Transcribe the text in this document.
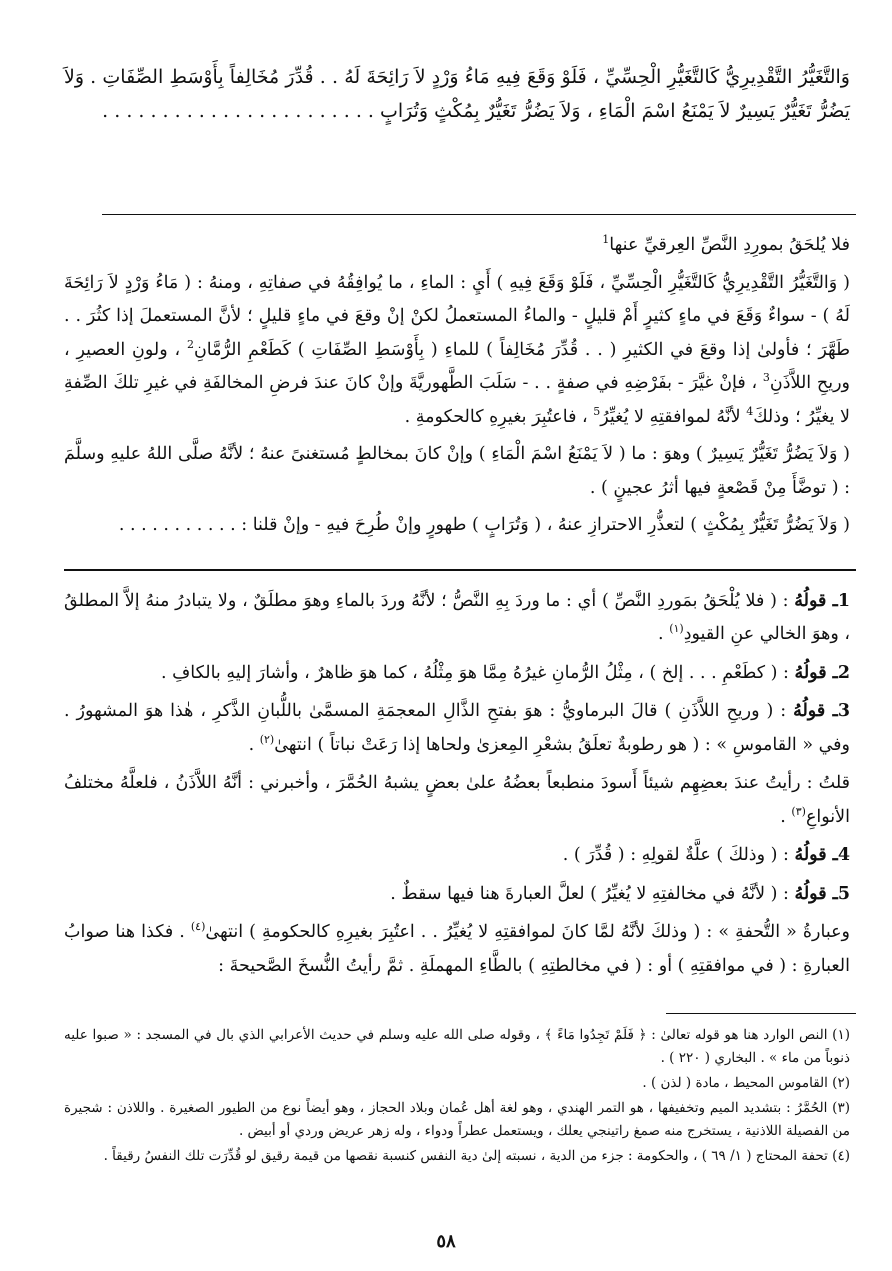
وَالتَّغَيُّرُ التَّقْدِيرِيُّ كَالتَّغَيُّرِ الْحِسِّيِّ ، فَلَوْ وَقَعَ فِيهِ مَاءُ وَرْدٍ لاَ رَائِحَةَ لَهُ . . قُدِّرَ مُخَالِفاً بِأَوْسَطِ الصِّفَاتِ . وَلاَ يَضُرُّ تَغَيُّرٌ يَسِيرٌ لاَ يَمْنَعُ اسْمَ الْمَاءِ ، وَلاَ يَضُرُّ تَغَيُّرٌ بِمُكْثٍ وَتُرَابٍ . . . . . . . . . . . . . . . . . . . . . . .

فلا يُلحَقُ بمورِدِ النَّصِّ العِرقيِّ عنها$^1$

( وَالتَّغَيُّرُ التَّقْدِيرِيُّ كَالتَّغَيُّرِ الْحِسِّيِّ ، فَلَوْ وَقَعَ فِيهِ ) أَيِ : الماءِ ، ما يُوافِقُهُ في صفاتِهِ ، ومنهُ : ( مَاءُ وَرْدٍ لاَ رَائِحَةَ لَهُ ) - سواءٌ وَقَعَ في ماءٍ كثيرٍ أَمْ قليلٍ - والماءُ المستعملُ لكنْ إنْ وقعَ في ماءٍ قليلٍ ؛ لأنَّ المستعملَ إذا كثُرَ . . طَهَّرَ ؛ فأولىٰ إذا وقعَ في الكثيرِ ( . . قُدِّرَ مُخَالِفاً ) للماءِ ( بِأَوْسَطِ الصِّفَاتِ ) كَطَعْمِ الرُّمَّانِ$^2$ ، ولونِ العصيرِ ، وريحِ اللاَّذَنِ$^3$ ، فإنْ غيَّرَ - بفَرْضِهِ في صفةٍ . . - سَلَبَ الطَّهوريَّةَ وإنْ كانَ عندَ فرضِ المخالفَةِ في غيرِ تلكَ الصِّفةِ لا يغيِّرُ ؛ وذلكَ$^4$ لأنَّهُ لموافقتِهِ لا يُغيِّرُ$^5$ ، فاعتُبِرَ بغيرِهِ كالحكومةِ .

( وَلاَ يَضُرُّ تَغَيُّرٌ يَسِيرٌ ) وهوَ : ما ( لاَ يَمْنَعُ اسْمَ الْمَاءِ ) وإنْ كانَ بمخالطٍ مُستغنىً عنهُ ؛ لأنَّهُ صلَّى اللهُ عليهِ وسلَّمَ : ( توضَّأَ مِنْ قَصْعةٍ فيها أثرُ عجينٍ ) .

( وَلاَ يَضُرُّ تَغَيُّرٌ بِمُكْثٍ ) لتعذُّرِ الاحترازِ عنهُ ، ( وَتُرَابٍ ) طهورٍ وإنْ طُرِحَ فيهِ - وإنْ قلنا : . . . . . . . . . . .

1ـ قولُهُ : ( فلا يُلْحَقُ بمَوردِ النَّصِّ ) أي : ما وردَ بِهِ النَّصُّ ؛ لأنَّهُ وردَ بالماءِ وهوَ مطلَقٌ ، ولا يتبادرُ منهُ إلاَّ المطلقُ ، وهوَ الخالي عنِ القيودِ$^{(١)}$ .

2ـ قولُهُ : ( كطَعْمِ . . . إلخ ) ، مِثْلُ الرُّمانِ غيرُهُ مِمَّا هوَ مِثْلُهُ ، كما هوَ ظاهرٌ ، وأشارَ إليهِ بالكافِ .

3ـ قولُهُ : ( وريحِ اللاَّذَنِ ) قالَ البرماويُّ : هوَ بفتحِ الذَّالِ المعجمَةِ المسمَّىٰ باللُّبانِ الذَّكرِ ، هٰذا هوَ المشهورُ . وفي « القاموسِ » : ( هو رطوبةٌ تعلَقُ بشعْرِ المِعزىٰ ولحاها إذا رَعَتْ نباتاً ) انتهىٰ$^{(٢)}$ .

قلتُ : رأيتُ عندَ بعضِهِم شيئاً أَسودَ منطبعاً بعضُهُ علىٰ بعضٍ يشبهُ الحُمَّرَ ، وأخبرني : أنَّهُ اللاَّذَنُ ، فلعلَّهُ مختلفُ الأنواعِ$^{(٣)}$ .

4ـ قولُهُ : ( وذلكَ ) علَّةٌ لقولِهِ : ( قُدِّرَ ) .

5ـ قولُهُ : ( لأنَّهُ في مخالفتِهِ لا يُغيِّرُ ) لعلَّ العبارةَ هنا فيها سقطٌ .

وعبارةُ « التُّحفةِ » : ( وذلكَ لأنَّهُ لمَّا كانَ لموافقتِهِ لا يُغيِّرُ . . اعتُبِرَ بغيرِهِ كالحكومةِ ) انتهىٰ$^{(٤)}$ . فكذا هنا صوابُ العبارةِ : ( في موافقتِهِ ) أو : ( في مخالطتِهِ ) بالطَّاءِ المهملَةِ . ثمَّ رأيتُ النُّسخَ الصَّحيحةَ :

(١) النص الوارد هنا هو قوله تعالىٰ : ﴿ فَلَمْ تَجِدُوا مَاءً ﴾ ، وقوله صلى الله عليه وسلم في حديث الأعرابي الذي بال في المسجد : « صبوا عليه ذنوباً من ماء » . البخاري ( ٢٢٠ ) .

(٢) القاموس المحيط ، مادة ( لذن ) .

(٣) الحُمَّرُ : بتشديد الميم وتخفيفها ، هو التمر الهندي ، وهو لغة أهل عُمان وبلاد الحجاز ، وهو أيضاً نوع من الطيور الصغيرة . واللاذن : شجيرة من الفصيلة اللاذنية ، يستخرج منه صمغ راتينجي يعلك ، ويستعمل عطراً ودواء ، وله زهر عريض وردي أو أبيض .

(٤) تحفة المحتاج ( ١/ ٦٩ ) ، والحكومة : جزء من الدية ، نسبته إلىٰ دية النفس كنسبة نقصها من قيمة رقيق لو قُدِّرَت تلك النفسُ رقيقاً .

٥٨
